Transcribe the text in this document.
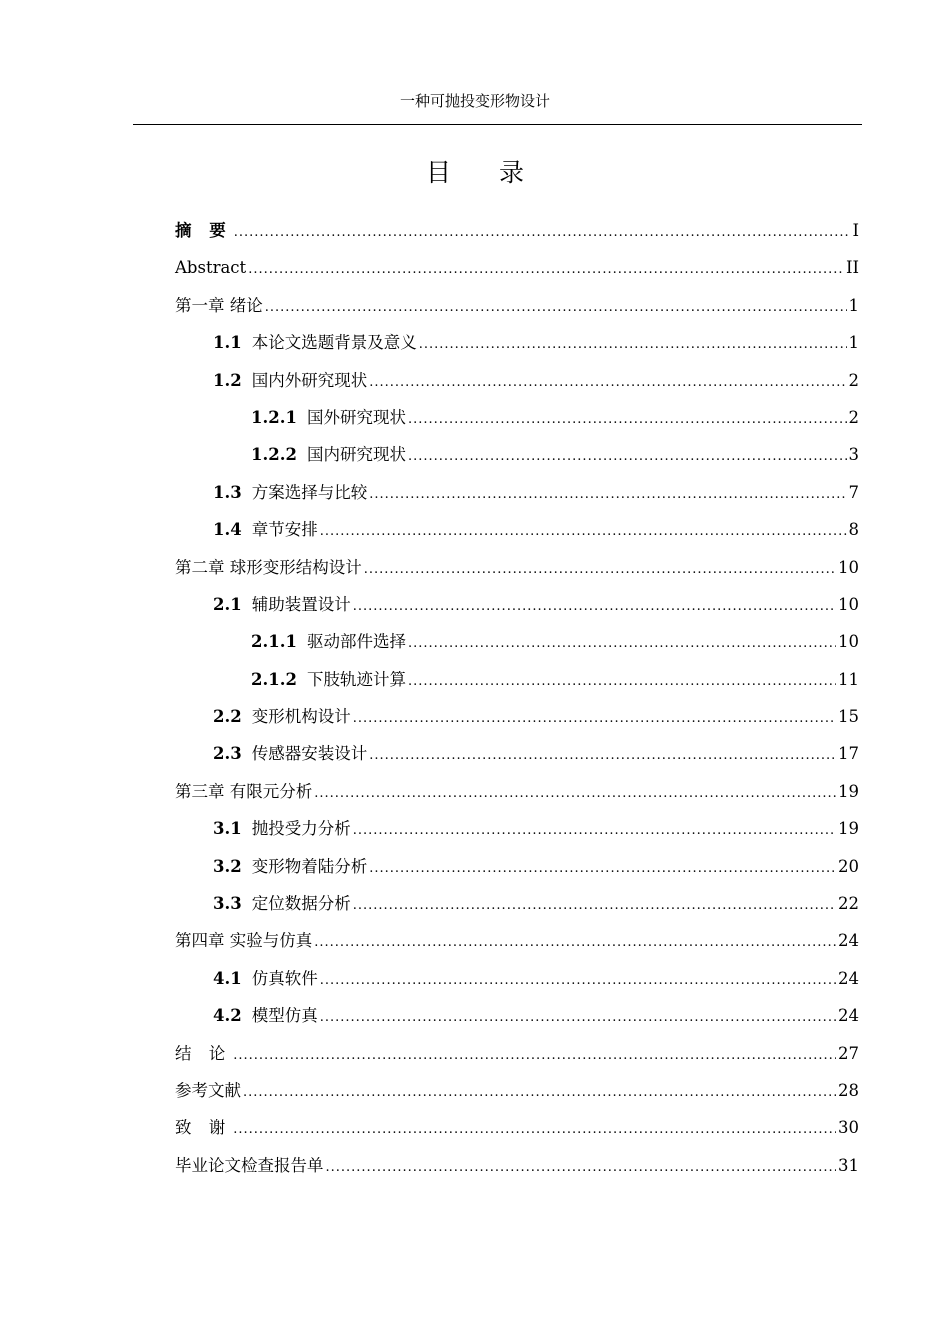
一种可抛投变形物设计
目 录
摘 要 .....	I
Abstract .....	II
第一章 绪论 .....	1
1.1 本论文选题背景及意义 .....	1
1.2 国内外研究现状 .....	2
1.2.1 国外研究现状 .....	2
1.2.2 国内研究现状 .....	3
1.3 方案选择与比较 .....	7
1.4 章节安排 .....	8
第二章 球形变形结构设计 .....	10
2.1 辅助装置设计 .....	10
2.1.1 驱动部件选择 .....	10
2.1.2 下肢轨迹计算 .....	11
2.2 变形机构设计 .....	15
2.3 传感器安装设计 .....	17
第三章 有限元分析 .....	19
3.1 抛投受力分析 .....	19
3.2 变形物着陆分析 .....	20
3.3 定位数据分析 .....	22
第四章 实验与仿真 .....	24
4.1 仿真软件 .....	24
4.2 模型仿真 .....	24
结 论 .....	27
参考文献 .....	28
致 谢 .....	30
毕业论文检查报告单 .....	31
